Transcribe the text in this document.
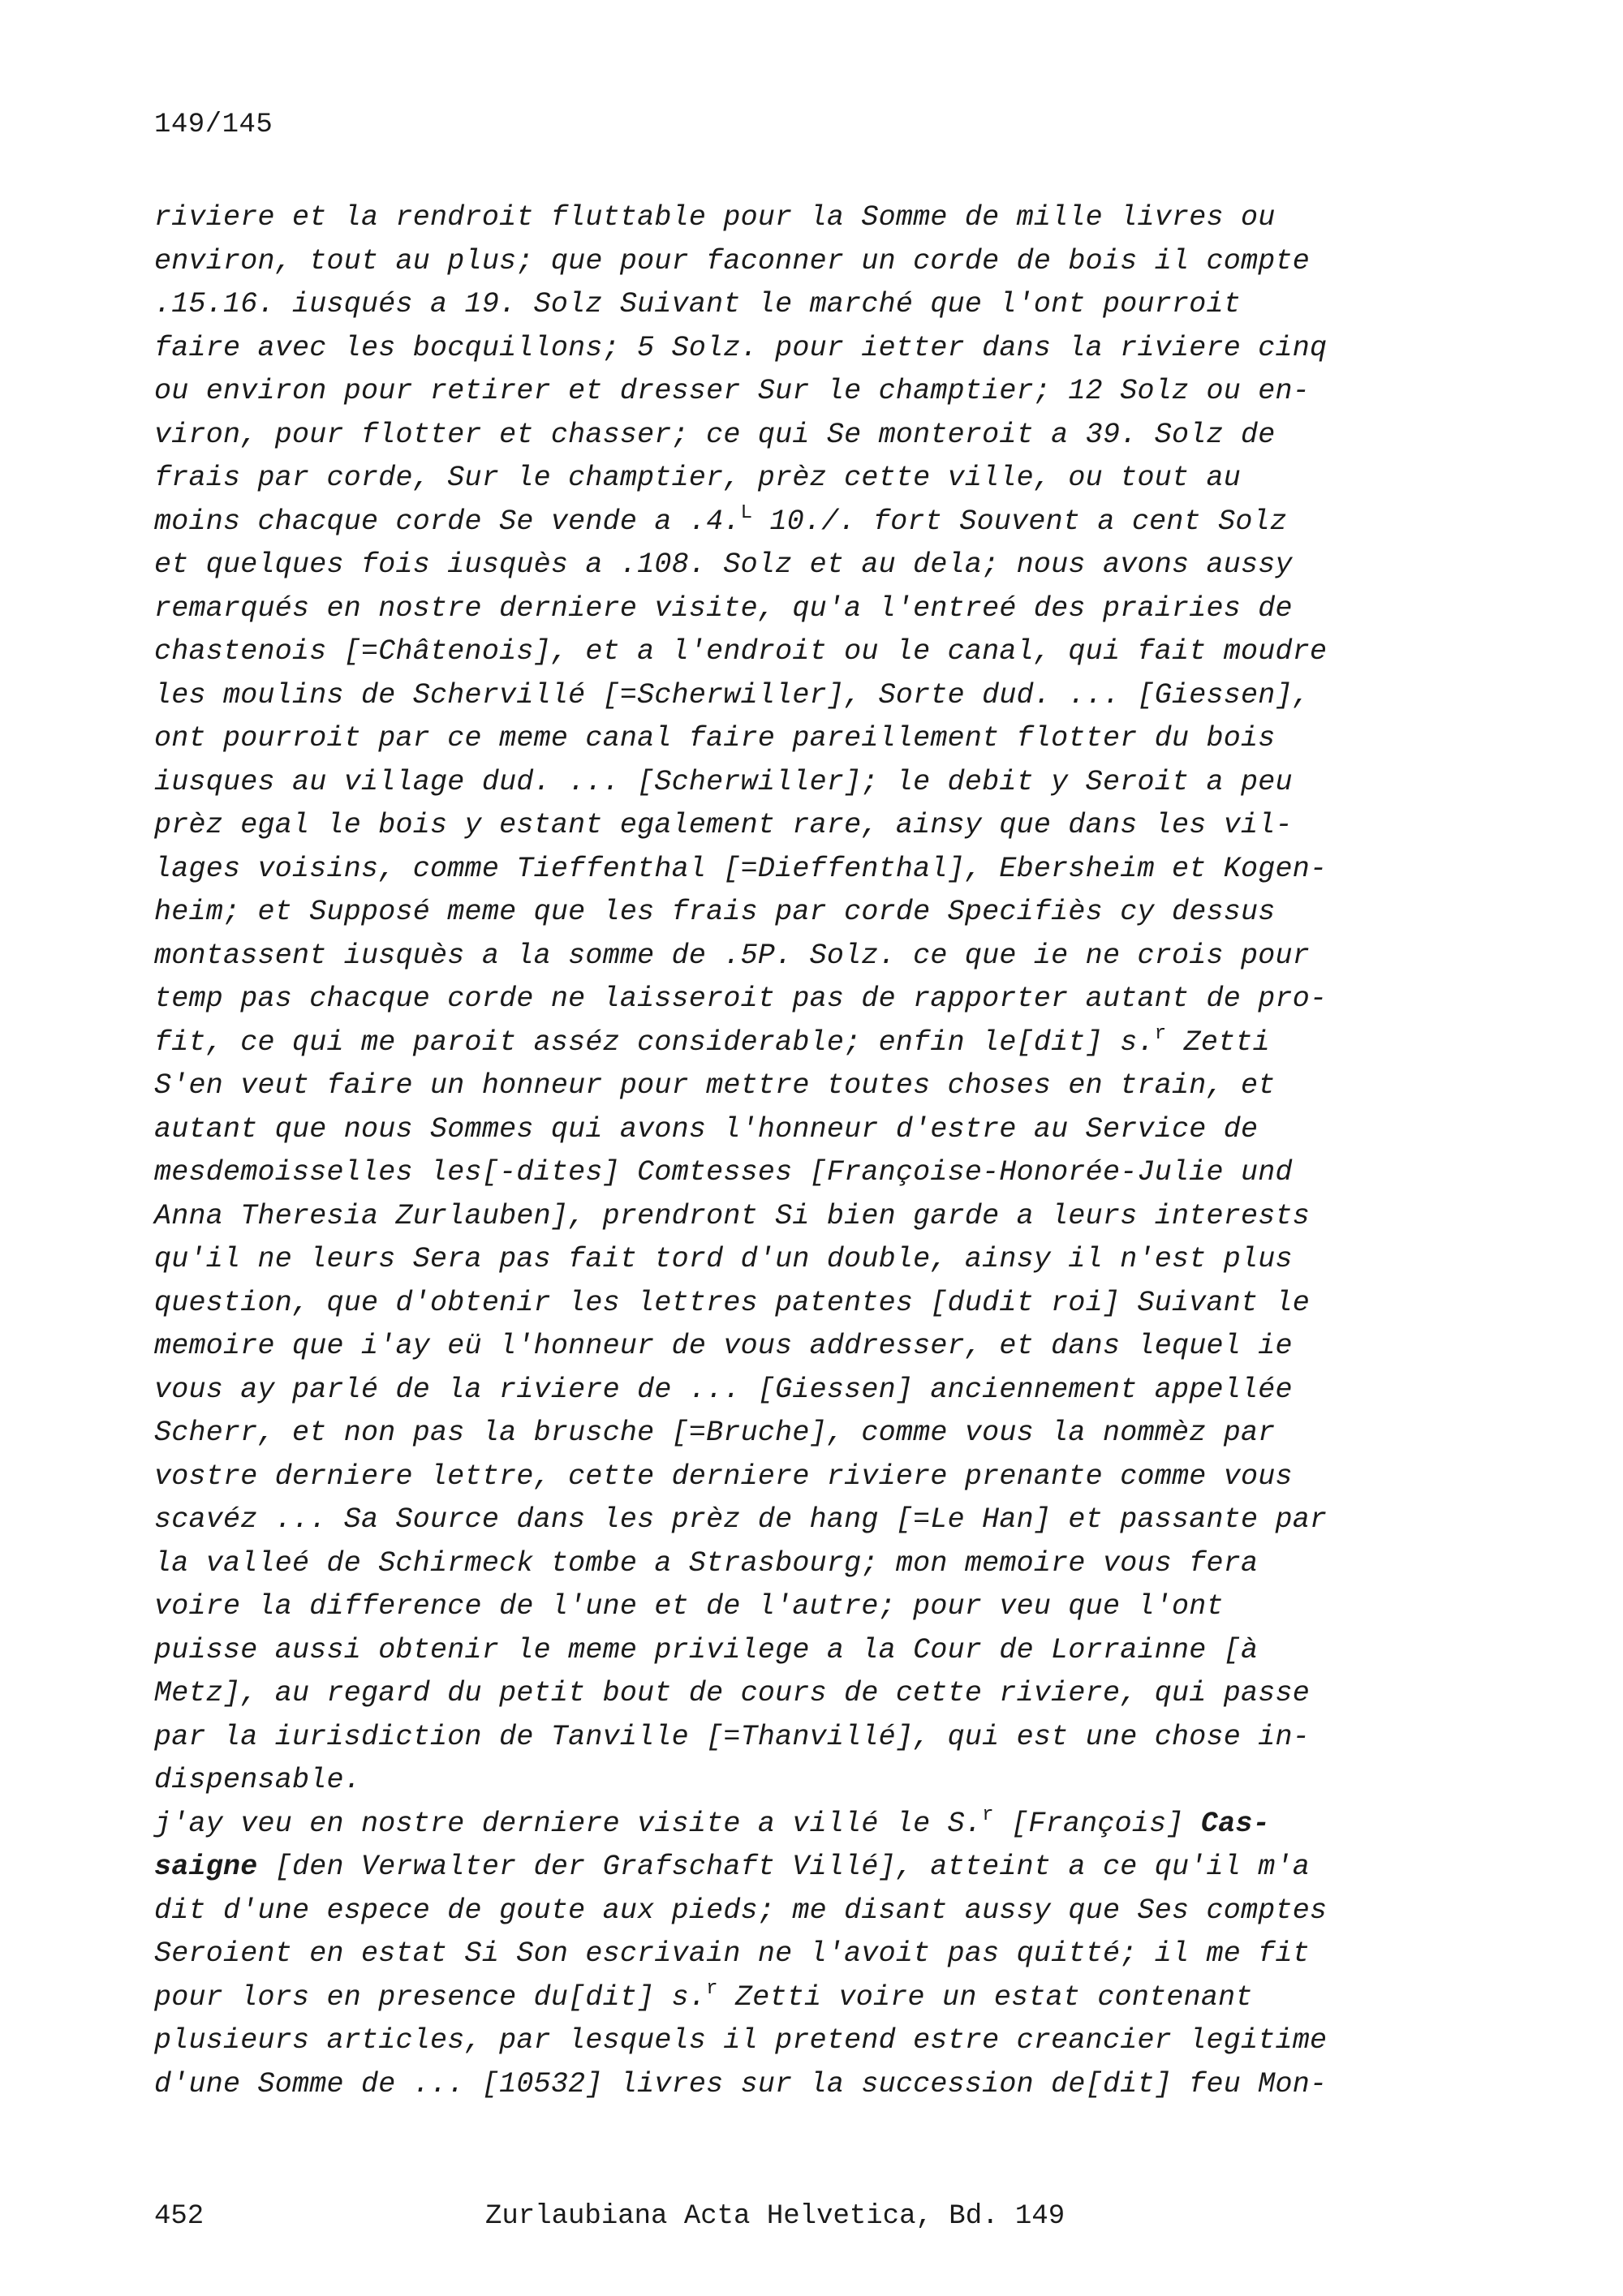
149/145
riviere et la rendroit fluttable pour la Somme de mille livres ou
environ, tout au plus; que pour faconner un corde de bois il compte
.15.16. iusqués a 19. Solz Suivant le marché que l'ont pourroit
faire avec les bocquillons; 5 Solz. pour ietter dans la riviere cinq
ou environ pour retirer et dresser Sur le champtier; 12 Solz ou en-
viron, pour flotter et chasser; ce qui Se monteroit a 39. Solz de
frais par corde, Sur le champtier, prèz cette ville, ou tout au
moins chacque corde Se vende a .4.$^L$ 10./. fort Souvent a cent Solz
et quelques fois iusquès a .108. Solz et au dela; nous avons aussy
remarqués en nostre derniere visite, qu'a l'entreé des prairies de
chastenois [=Châtenois], et a l'endroit ou le canal, qui fait moudre
les moulins de Schervillé [=Scherwiller], Sorte dud. ... [Giessen],
ont pourroit par ce meme canal faire pareillement flotter du bois
iusques au village dud. ... [Scherwiller]; le debit y Seroit a peu
prèz egal le bois y estant egalement rare, ainsy que dans les vil-
lages voisins, comme Tieffenthal [=Dieffenthal], Ebersheim et Kogen-
heim; et Supposé meme que les frais par corde Specifiès cy dessus
montassent iusquès a la somme de .5P. Solz. ce que ie ne crois pour
temp pas chacque corde ne laisseroit pas de rapporter autant de pro-
fit, ce qui me paroit asséz considerable; enfin le[dit] s.$^r$ Zetti
S'en veut faire un honneur pour mettre toutes choses en train, et
autant que nous Sommes qui avons l'honneur d'estre au Service de
mesdemoisselles les[-dites] Comtesses [Françoise-Honorée-Julie und
Anna Theresia Zurlauben], prendront Si bien garde a leurs interests
qu'il ne leurs Sera pas fait tord d'un double, ainsy il n'est plus
question, que d'obtenir les lettres patentes [dudit roi] Suivant le
memoire que i'ay eü l'honneur de vous addresser, et dans lequel ie
vous ay parlé de la riviere de ... [Giessen] anciennement appellée
Scherr, et non pas la brusche [=Bruche], comme vous la nommèz par
vostre derniere lettre, cette derniere riviere prenante comme vous
scavéz ... Sa Source dans les prèz de hang [=Le Han] et passante par
la valleé de Schirmeck tombe a Strasbourg; mon memoire vous fera
voire la difference de l'une et de l'autre; pour veu que l'ont
puisse aussi obtenir le meme privilege a la Cour de Lorrainne [à
Metz], au regard du petit bout de cours de cette riviere, qui passe
par la iurisdiction de Tanville [=Thanvillé], qui est une chose in-
dispensable.
j'ay veu en nostre derniere visite a villé le S.$^r$ [François] Cas-
saigne [den Verwalter der Grafschaft Villé], atteint a ce qu'il m'a
dit d'une espece de goute aux pieds; me disant aussy que Ses comptes
Seroient en estat Si Son escrivain ne l'avoit pas quitté; il me fit
pour lors en presence du[dit] s.$^r$ Zetti voire un estat contenant
plusieurs articles, par lesquels il pretend estre creancier legitime
d'une Somme de ... [10532] livres sur la succession de[dit] feu Mon-
452	Zurlaubiana Acta Helvetica, Bd. 149
